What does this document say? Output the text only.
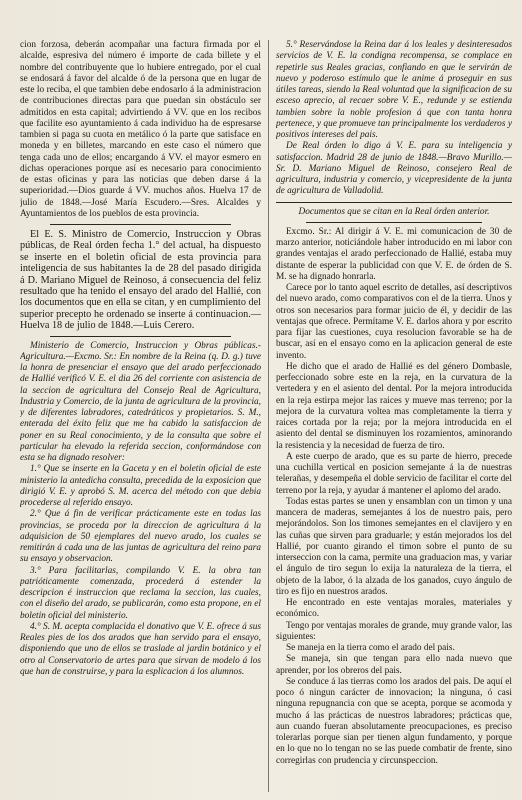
cion forzosa, deberán acompañar una factura firmada por el alcalde, espresiva del número é importe de cada billete y el nombre del contribuyente que lo hubiere entregado, por el cual se endosará á favor del alcalde ó de la persona que en lugar de este lo reciba, el que tambien debe endosarlo á la administracion de contribuciones directas para que puedan sin obstáculo ser admitidos en esta capital; advirtiendo á VV. que en los recibos que facilite eso ayuntamiento á cada individuo ha de espresarse tambien si paga su cuota en metálico ó la parte que satisface en moneda y en billetes, marcando en este caso el número que tenga cada uno de ellos; encargando á VV. el mayor esmero en dichas operaciones porque así es necesario para conocimiento de estas oficinas y para las noticias que deben darse á la superioridad.—Dios guarde á VV. muchos años. Huelva 17 de julio de 1848.—José María Escudero.—Sres. Alcaldes y Ayuntamientos de los pueblos de esta provincia.

El E. S. Ministro de Comercio, Instruccion y Obras públicas, de Real órden fecha 1.° del actual, ha dispuesto se inserte en el boletin oficial de esta provincia para inteligencia de sus habitantes la de 28 del pasado dirigida á D. Mariano Miguel de Reinoso, á consecuencia del feliz resultado que ha tenido el ensayo del arado del Hallié, con los documentos que en ella se citan, y en cumplimiento del superior precepto he ordenado se inserte á continuacion.—Huelva 18 de julio de 1848.—Luis Cerero.

Ministerio de Comercio, Instruccion y Obras públicas.-Agricultura.—Excmo. Sr.: En nombre de la Reina (q. D. g.) tuve la honra de presenciar el ensayo que del arado perfeccionado de Hallié verificó V. E. el dia 26 del corriente con asistencia de la seccion de agricultura del Consejo Real de Agricultura, Industria y Comercio, de la junta de agricultura de la provincia, y de diferentes labradores, catedráticos y propietarios. S. M., enterada del éxito feliz que me ha cabido la satisfaccion de poner en su Real conocimiento, y de la consulta que sobre el particular ha elevado la referida seccion, conformándose con esta se ha dignado resolver:

1.° Que se inserte en la Gaceta y en el boletin oficial de este ministerio la antedicha consulta, precedida de la exposicion que dirigió V. E. y aprobó S. M. acerca del método con que debia procederse al referido ensayo.

2.° Que á fin de verificar prácticamente este en todas las provincias, se proceda por la direccion de agricultura á la adquisicion de 50 ejemplares del nuevo arado, los cuales se remitirán á cada una de las juntas de agricultura del reino para su ensayo y observacion.

3.° Para facilitarlas, compilando V. E. la obra tan patrióticamente comenzada, procederá á estender la descripcion é instruccion que reclama la seccion, las cuales, con el diseño del arado, se publicarán, como esta propone, en el boletin oficial del ministerio.

4.° S. M. acepta complacida el donativo que V. E. ofrece á sus Reales pies de los dos arados que han servido para el ensayo, disponiendo que uno de ellos se traslade al jardin botánico y el otro al Conservatorio de artes para que sirvan de modelo á los que han de construirse, y para la esplicacion á los alumnos.

5.° Reservándose la Reina dar á los leales y desinteresados servicios de V. E. la condigna recompensa, se complace en repetirle sus Reales gracias, confiando en que le servirán de nuevo y poderoso estímulo que le anime á proseguir en sus útiles tareas, siendo la Real voluntad que la significacion de su esceso aprecio, al recaer sobre V. E., redunde y se estienda tambien sobre la noble profesion á que con tanta honra pertenece, y que promueve tan principalmente los verdaderos y positivos intereses del pais.

De Real órden lo digo á V. E. para su inteligencia y satisfaccion. Madrid 28 de junio de 1848.—Bravo Murillo.—Sr. D. Mariano Miguel de Reinoso, consejero Real de agricultura, industria y comercio, y vicepresidente de la junta de agricultura de Valladolid.

Documentos que se citan en la Real órden anterior.

Excmo. Sr.: Al dirigir á V. E. mi comunicacion de 30 de marzo anterior, noticiándole haber introducido en mi labor con grandes ventajas el arado perfeccionado de Hallié, estaba muy distante de esperar la publicidad con que V. E. de órden de S. M. se ha dignado honrarla.

Carece por lo tanto aquel escrito de detalles, así descriptivos del nuevo arado, como comparativos con el de la tierra. Unos y otros son necesarios para formar juicio de él, y decidir de las ventajas que ofrece. Permítame V. E. darlos ahora y por escrito para fijar las cuestiones, cuya resolucion favorable se ha de buscar, así en el ensayo como en la aplicacion general de este invento.

He dicho que el arado de Hallié es del género Dombasle, perfeccionado sobre este en la reja, en la curvatura de la vertedera y en el asiento del dental. Por la mejora introducida en la reja estirpa mejor las raices y mueve mas terreno; por la mejora de la curvatura voltea mas completamente la tierra y raices cortada por la reja; por la mejora introducida en el asiento del dental se disminuyen los rozamientos, aminorando la resistencia y la necesidad de fuerza de tiro.

A este cuerpo de arado, que es su parte de hierro, precede una cuchilla vertical en posicion semejante á la de nuestras telerañas, y desempeña el doble servicio de facilitar el corte del terreno por la reja, y ayudar á mantener el aplomo del arado.

Todas estas partes se unen y ensamblan con un timon y una mancera de maderas, semejantes á los de nuestro pais, pero mejorándolos. Son los timones semejantes en el clavijero y en las cuñas que sirven para graduarle; y están mejorados los del Hallié, por cuanto girando el timon sobre el punto de su interseccion con la cama, permite una graduacion mas, y variar el ángulo de tiro segun lo exija la naturaleza de la tierra, el objeto de la labor, ó la alzada de los ganados, cuyo ángulo de tiro es fijo en nuestros arados.

He encontrado en este ventajas morales, materiales y económico.

Tengo por ventajas morales de grande, muy grande valor, las siguientes:

Se maneja en la tierra como el arado del pais.

Se maneja, sin que tengan para ello nada nuevo que aprender, por los obreros del pais.

Se conduce á las tierras como los arados del pais. De aquí el poco ó ningun carácter de innovacion; la ninguna, ó casi ninguna repugnancia con que se acepta, porque se acomoda y mucho á las prácticas de nuestros labradores; prácticas que, aun cuando fueran absolutamente preocupaciones, es preciso tolerarlas porque sian per tienen algun fundamento, y porque en lo que no lo tengan no se las puede combatir de frente, sino corregirlas con prudencia y circunspeccion.
